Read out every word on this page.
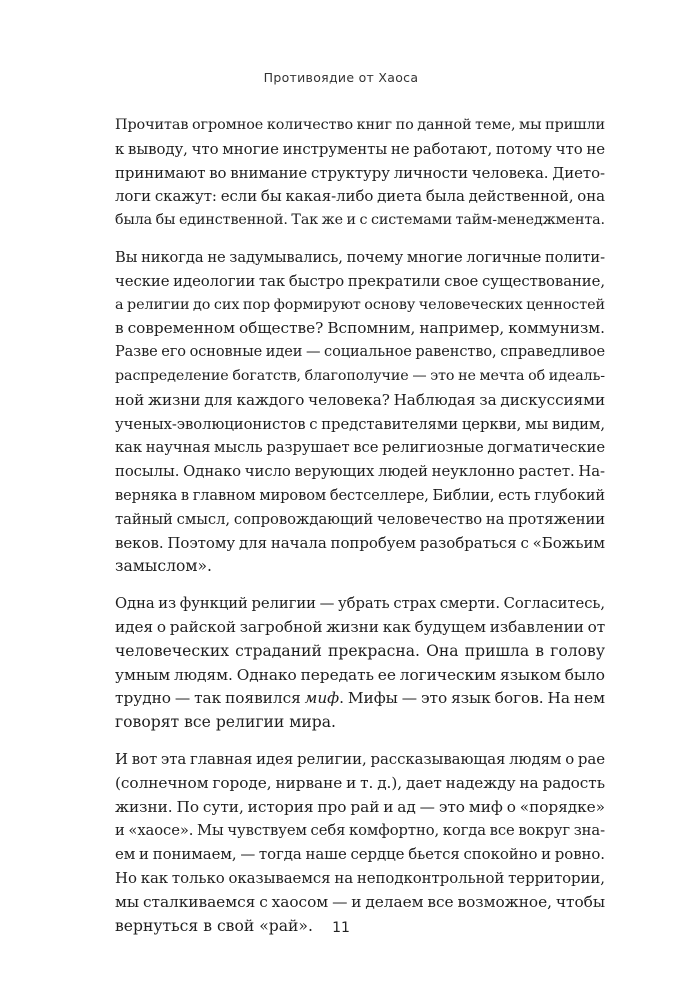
Противоядие от Хаоса

Прочитав огромное количество книг по данной теме, мы пришли
к выводу, что многие инструменты не работают, потому что не
принимают во внимание структуру личности человека. Дието-
логи скажут: если бы какая-либо диета была действенной, она
была бы единственной. Так же и с системами тайм-менеджмента.

Вы никогда не задумывались, почему многие логичные полити-
ческие идеологии так быстро прекратили свое существование,
а религии до сих пор формируют основу человеческих ценностей
в современном обществе? Вспомним, например, коммунизм.
Разве его основные идеи — социальное равенство, справедливое
распределение богатств, благополучие — это не мечта об идеаль-
ной жизни для каждого человека? Наблюдая за дискуссиями
ученых-эволюционистов с представителями церкви, мы видим,
как научная мысль разрушает все религиозные догматические
посылы. Однако число верующих людей неуклонно растет. На-
верняка в главном мировом бестселлере, Библии, есть глубокий
тайный смысл, сопровождающий человечество на протяжении
веков. Поэтому для начала попробуем разобраться с «Божьим
замыслом».

Одна из функций религии — убрать страх смерти. Согласитесь,
идея о райской загробной жизни как будущем избавлении от
человеческих страданий прекрасна. Она пришла в голову
умным людям. Однако передать ее логическим языком было
трудно — так появился миф. Мифы — это язык богов. На нем
говорят все религии мира.

И вот эта главная идея религии, рассказывающая людям о рае
(солнечном городе, нирване и т. д.), дает надежду на радость
жизни. По сути, история про рай и ад — это миф о «порядке»
и «хаосе». Мы чувствуем себя комфортно, когда все вокруг зна-
ем и понимаем, — тогда наше сердце бьется спокойно и ровно.
Но как только оказываемся на неподконтрольной территории,
мы сталкиваемся с хаосом — и делаем все возможное, чтобы
вернуться в свой «рай».	11
